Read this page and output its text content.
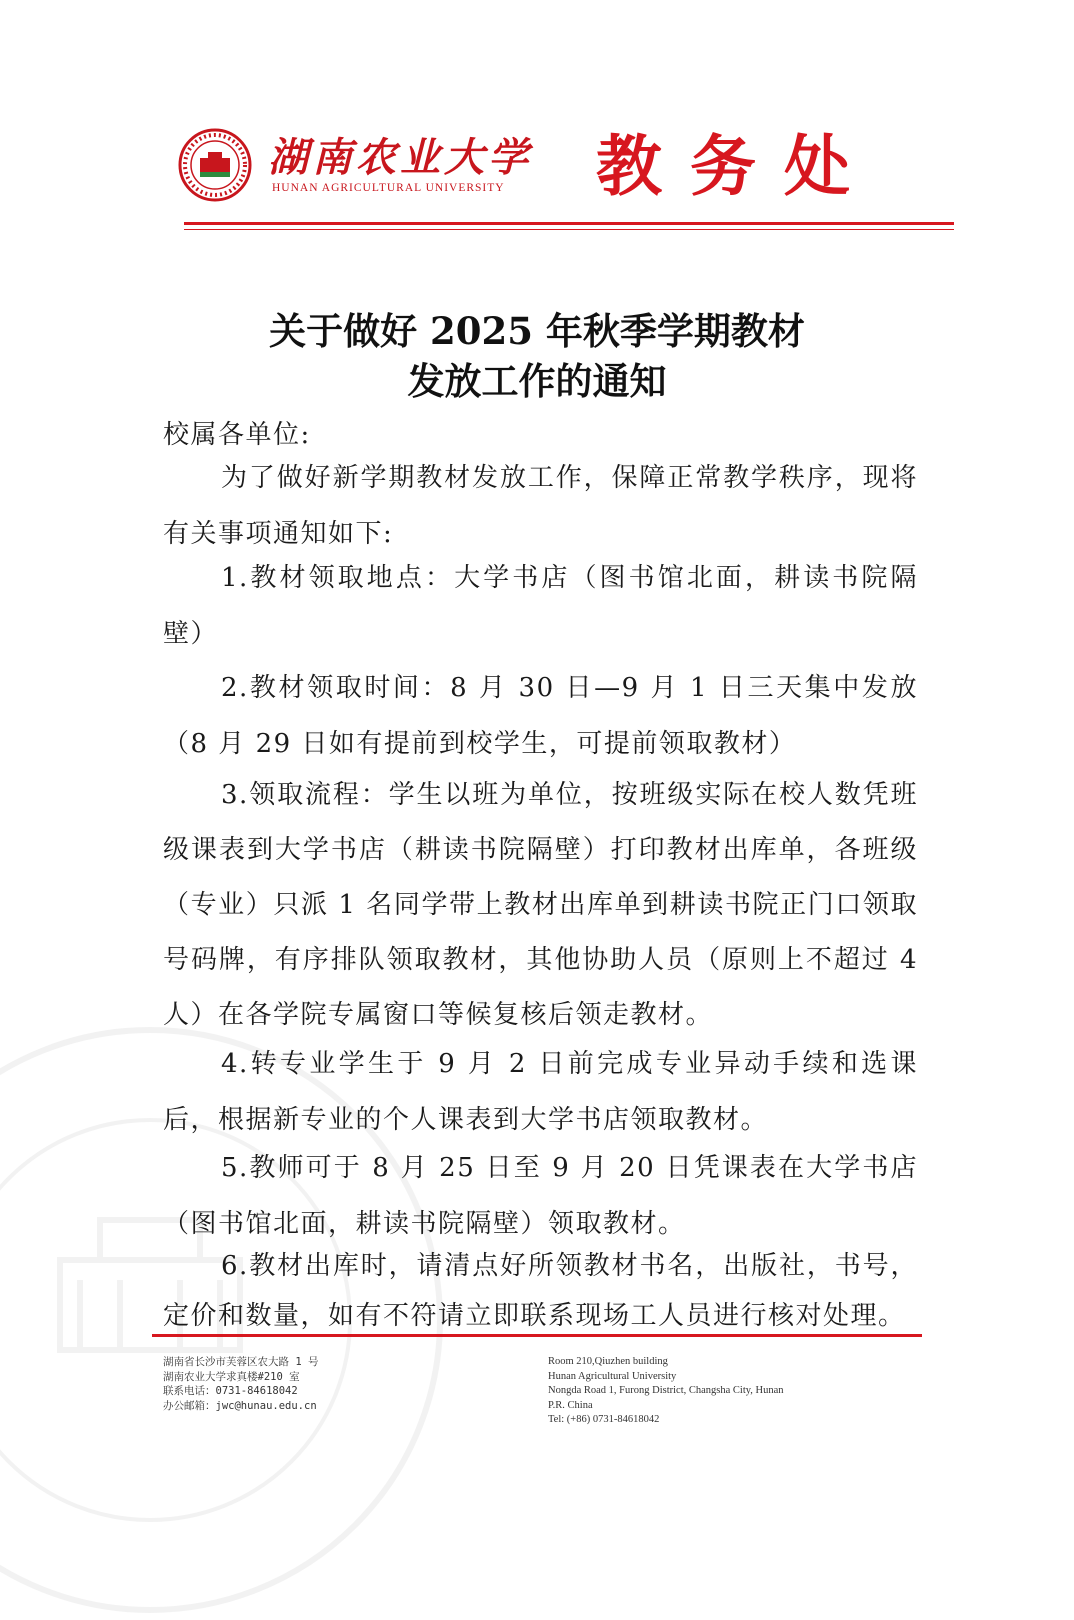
湖南农业大学
HUNAN AGRICULTURAL UNIVERSITY 教务处
关于做好 2025 年秋季学期教材
发放工作的通知
校属各单位:

为了做好新学期教材发放工作，保障正常教学秩序，现将有关事项通知如下:

1.教材领取地点：大学书店（图书馆北面，耕读书院隔壁）

2.教材领取时间：8 月 30 日—9 月 1 日三天集中发放（8 月 29 日如有提前到校学生，可提前领取教材）

3.领取流程：学生以班为单位，按班级实际在校人数凭班级课表到大学书店（耕读书院隔壁）打印教材出库单，各班级（专业）只派 1 名同学带上教材出库单到耕读书院正门口领取号码牌，有序排队领取教材，其他协助人员（原则上不超过 4 人）在各学院专属窗口等候复核后领走教材。

4.转专业学生于 9 月 2 日前完成专业异动手续和选课后，根据新专业的个人课表到大学书店领取教材。

5.教师可于 8 月 25 日至 9 月 20 日凭课表在大学书店（图书馆北面，耕读书院隔壁）领取教材。

6.教材出库时，请清点好所领教材书名，出版社，书号，定价和数量，如有不符请立即联系现场工人员进行核对处理。

湖南省长沙市芙蓉区农大路 1 号
湖南农业大学求真楼#210 室
联系电话：0731-84618042
办公邮箱：jwc@hunau.edu.cn
Room 210,Qiuzhen building
Hunan Agricultural University
Nongda Road 1, Furong District, Changsha City, Hunan
P.R. China
Tel: (+86) 0731-84618042
